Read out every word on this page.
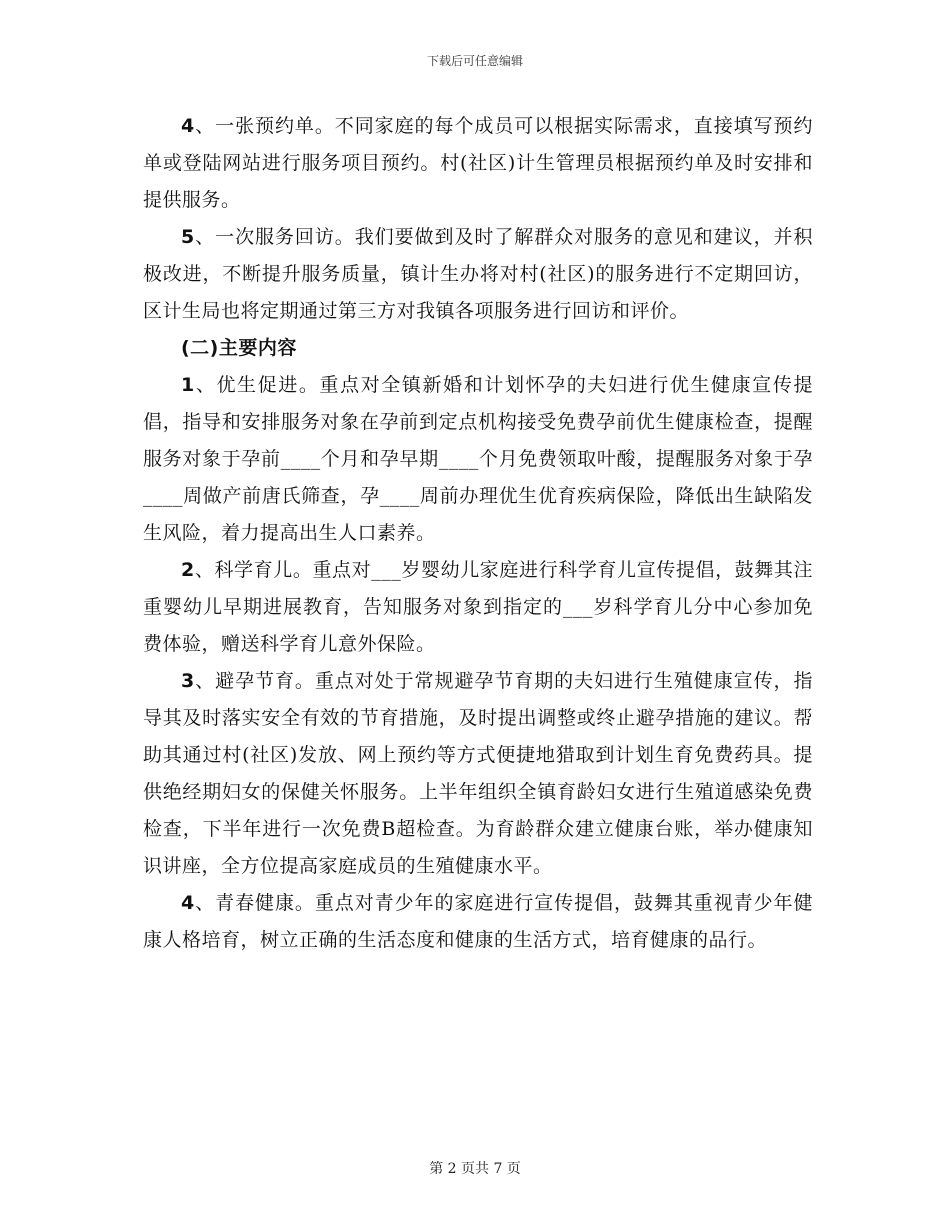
下载后可任意编辑

4、一张预约单。不同家庭的每个成员可以根据实际需求，直接填写预约单或登陆网站进行服务项目预约。村(社区)计生管理员根据预约单及时安排和提供服务。

5、一次服务回访。我们要做到及时了解群众对服务的意见和建议，并积极改进，不断提升服务质量，镇计生办将对村(社区)的服务进行不定期回访，区计生局也将定期通过第三方对我镇各项服务进行回访和评价。

(二)主要内容

1、优生促进。重点对全镇新婚和计划怀孕的夫妇进行优生健康宣传提倡，指导和安排服务对象在孕前到定点机构接受免费孕前优生健康检查，提醒服务对象于孕前____个月和孕早期____个月免费领取叶酸，提醒服务对象于孕____周做产前唐氏筛查，孕____周前办理优生优育疾病保险，降低出生缺陷发生风险，着力提高出生人口素养。

2、科学育儿。重点对___岁婴幼儿家庭进行科学育儿宣传提倡，鼓舞其注重婴幼儿早期进展教育，告知服务对象到指定的___岁科学育儿分中心参加免费体验，赠送科学育儿意外保险。

3、避孕节育。重点对处于常规避孕节育期的夫妇进行生殖健康宣传，指导其及时落实安全有效的节育措施，及时提出调整或终止避孕措施的建议。帮助其通过村(社区)发放、网上预约等方式便捷地猎取到计划生育免费药具。提供绝经期妇女的保健关怀服务。上半年组织全镇育龄妇女进行生殖道感染免费检查，下半年进行一次免费B超检查。为育龄群众建立健康台账，举办健康知识讲座，全方位提高家庭成员的生殖健康水平。

4、青春健康。重点对青少年的家庭进行宣传提倡，鼓舞其重视青少年健康人格培育，树立正确的生活态度和健康的生活方式，培育健康的品行。

第 2 页共 7 页
